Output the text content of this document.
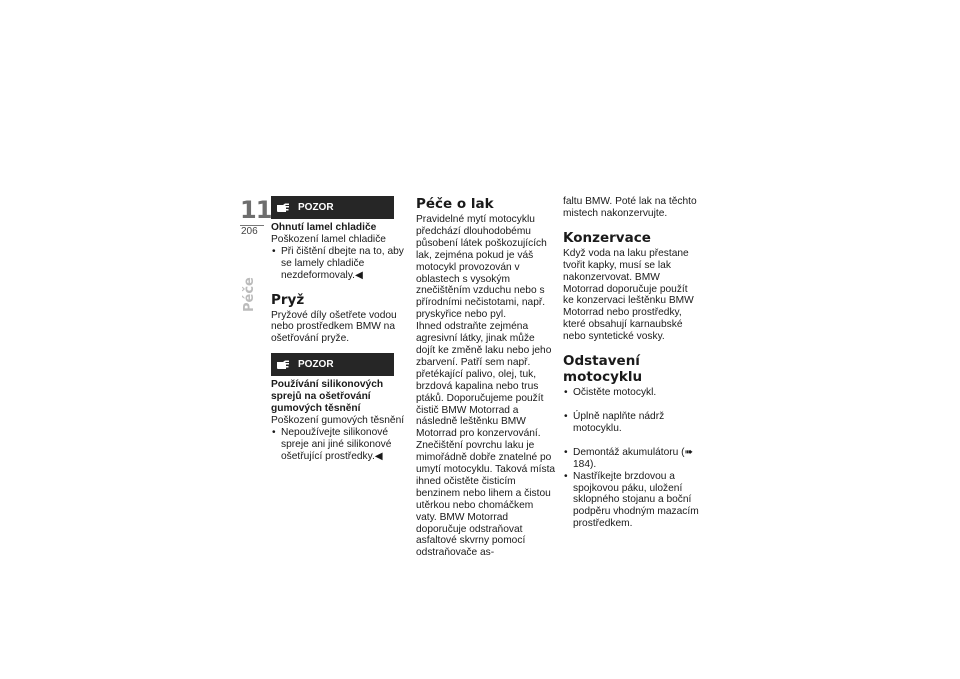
11
206
Péče
POZOR

Ohnutí lamel chladiče

Poškození lamel chladiče

• Při čištění dbejte na to, aby se lamely chladiče nezdeformovaly.◀
Pryž

Pryžové díly ošetřete vodou nebo prostředkem BMW na ošetřování pryže.

POZOR

Používání silikonových sprejů na ošetřování gumových těsnění

Poškození gumových těsnění

• Nepoužívejte silikonové spreje ani jiné silikonové ošetřující prostředky.◀
Péče o lak

Pravidelné mytí motocyklu předchází dlouhodobému působení látek poškozujících lak, zejména pokud je váš motocykl provozován v oblastech s vysokým znečištěním vzduchu nebo s přírodními nečistotami, např. pryskyřice nebo pyl.

Ihned odstraňte zejména agresivní látky, jinak může dojít ke změně laku nebo jeho zbarvení. Patří sem např. přetékající palivo, olej, tuk, brzdová kapalina nebo trus ptáků. Doporučujeme použít čistič BMW Motorrad a následně leštěnku BMW Motorrad pro konzervování.

Znečištění povrchu laku je mimořádně dobře znatelné po umytí motocyklu. Taková místa ihned očistěte čisticím benzinem nebo lihem a čistou utěrkou nebo chomáčkem vaty. BMW Motorrad doporučuje odstraňovat asfaltové skvrny pomocí odstraňovače as-

faltu BMW. Poté lak na těchto mistech nakonzervujte.

Konzervace

Když voda na laku přestane tvořit kapky, musí se lak nakonzervovat. BMW Motorrad doporučuje použít ke konzervaci leštěnku BMW Motorrad nebo prostředky, které obsahují karnaubské nebo syntetické vosky.

Odstavení motocyklu
• Očistěte motocykl.
• Úplně naplňte nádrž motocyklu.
• Demontáž akumulátoru (➠ 184).
• Nastříkejte brzdovou a spojkovou páku, uložení sklopného stojanu a boční podpěru vhodným mazacím prostředkem.
